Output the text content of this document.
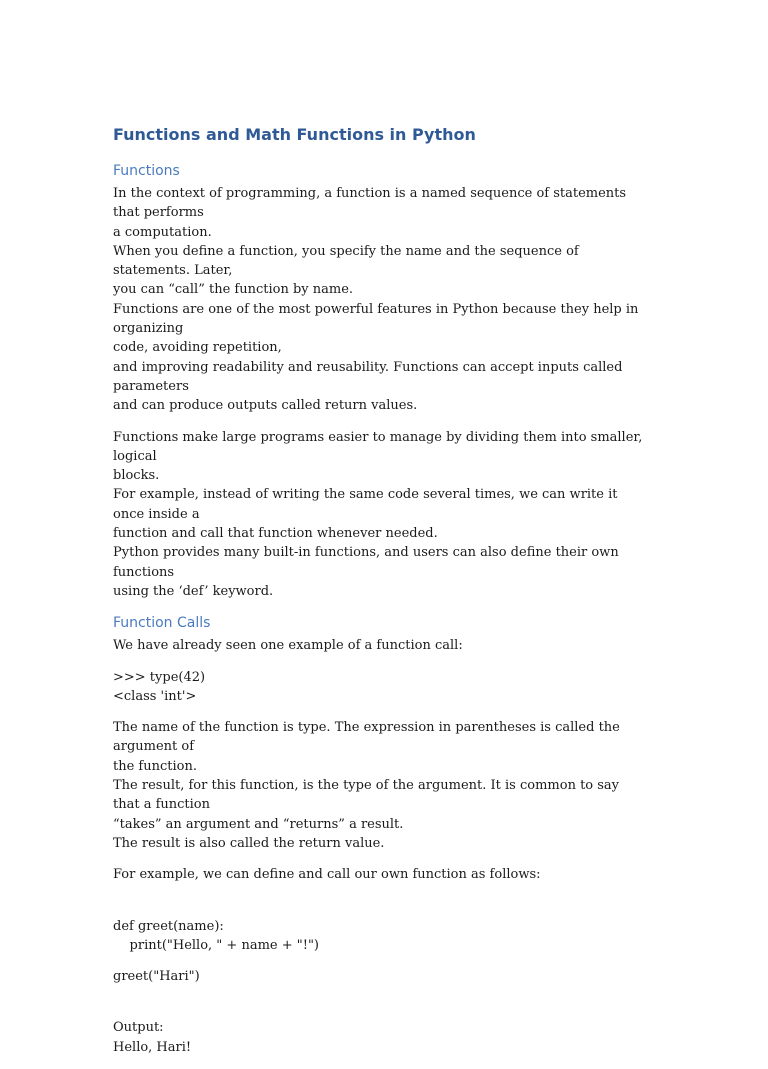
Functions and Math Functions in Python
Functions
In the context of programming, a function is a named sequence of statements that performs
a computation.
When you define a function, you specify the name and the sequence of statements. Later,
you can “call” the function by name.
Functions are one of the most powerful features in Python because they help in organizing
code, avoiding repetition,
and improving readability and reusability. Functions can accept inputs called parameters
and can produce outputs called return values.
Functions make large programs easier to manage by dividing them into smaller, logical
blocks.
For example, instead of writing the same code several times, we can write it once inside a
function and call that function whenever needed.
Python provides many built-in functions, and users can also define their own functions
using the ‘def’ keyword.
Function Calls
We have already seen one example of a function call:
>>> type(42)
<class 'int'>
The name of the function is type. The expression in parentheses is called the argument of
the function.
The result, for this function, is the type of the argument. It is common to say that a function
“takes” an argument and “returns” a result.
The result is also called the return value.
For example, we can define and call our own function as follows:
def greet(name):
print("Hello, " + name + "!")
greet("Hari")
Output:
Hello, Hari!
